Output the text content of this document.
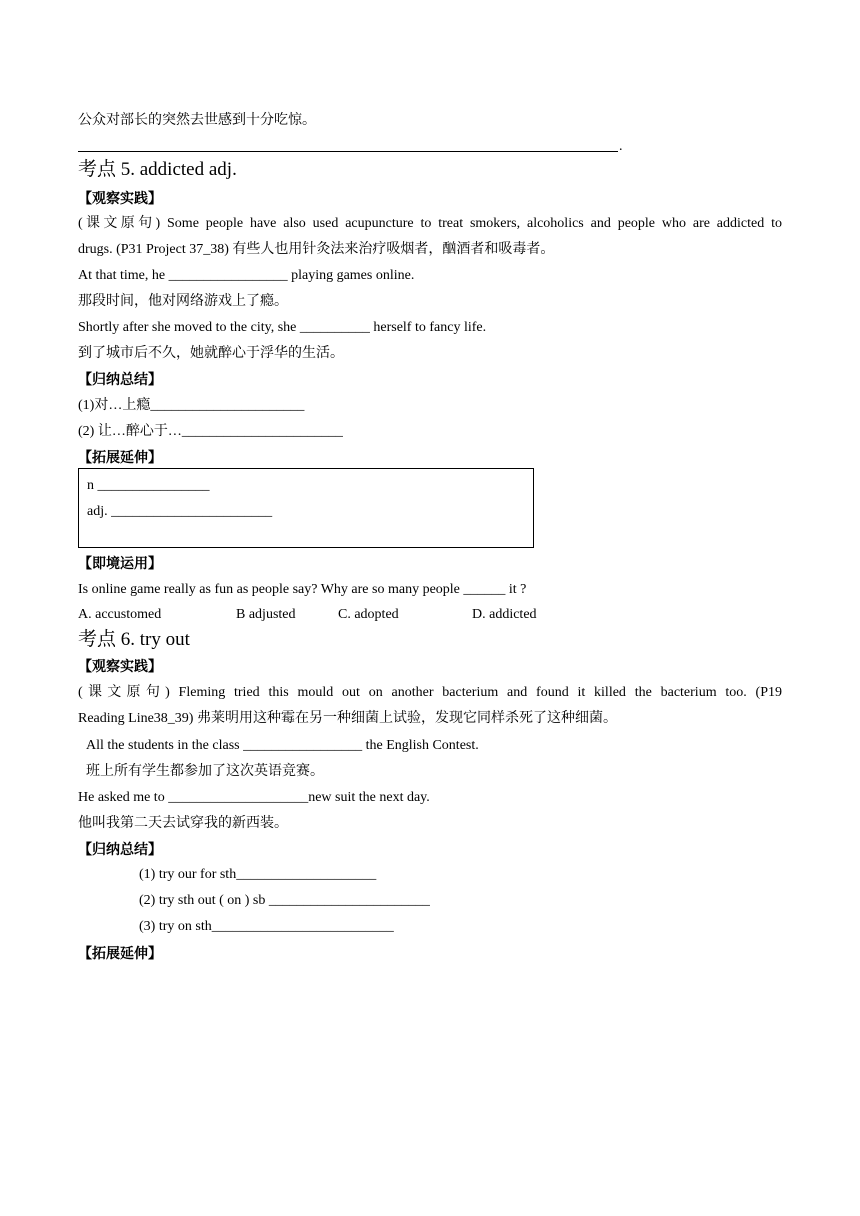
公众对部长的突然去世感到十分吃惊。
.
考点 5. addicted adj.
【观察实践】
(课文原句) Some people have also used acupuncture to treat smokers, alcoholics and people who are addicted to
drugs. (P31 Project 37_38) 有些人也用针灸法来治疗吸烟者，酗酒者和吸毒者。
At that time, he _________________ playing games online.
那段时间，他对网络游戏上了瘾。
Shortly after she moved to the city, she __________ herself to fancy life.
到了城市后不久，她就醉心于浮华的生活。
【归纳总结】
(1)对…上瘾______________________
(2) 让…醉心于…_______________________
【拓展延伸】
n ________________
adj. _______________________
【即境运用】
Is online game really as fun as people say? Why are so many people ______ it ?
A. accustomed	B adjusted	C. adopted	D. addicted
考点 6. try out
【观察实践】
(课文原句) Fleming tried this mould out on another bacterium and found it killed the bacterium too. (P19
Reading Line38_39) 弗莱明用这种霉在另一种细菌上试验，发现它同样杀死了这种细菌。
All the students in the class _________________ the English Contest.
班上所有学生都参加了这次英语竞赛。
He asked me to ____________________new suit the next day.
他叫我第二天去试穿我的新西装。
【归纳总结】
(1) try our for sth____________________
(2) try sth out ( on ) sb _______________________
(3) try on sth__________________________
【拓展延伸】
